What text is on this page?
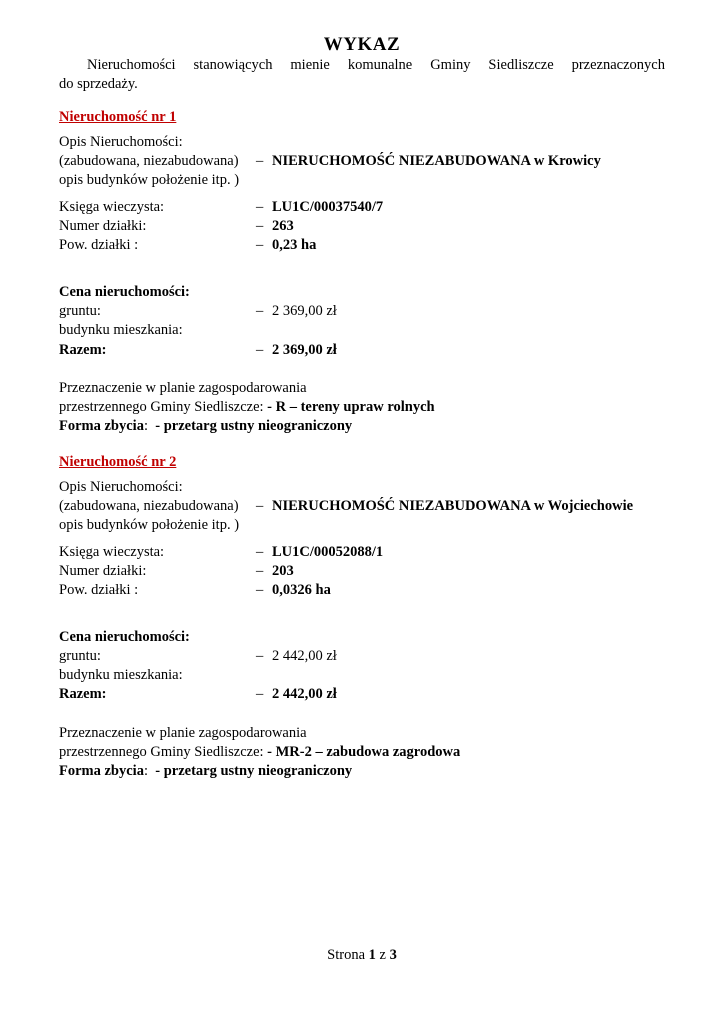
WYKAZ
Nieruchomości stanowiących mienie komunalne Gminy Siedliszcze przeznaczonych
do sprzedaży.
Nieruchomość nr 1
Opis Nieruchomości:
(zabudowana, niezabudowana)
opis budynków położenie itp. )
– NIERUCHOMOŚĆ NIEZABUDOWANA w Krowicy
Księga wieczysta:	– LU1C/00037540/7
Numer działki:	– 263
Pow. działki :	– 0,23 ha
Cena nieruchomości:
gruntu:	– 2 369,00 zł
budynku mieszkania:
Razem:	– 2 369,00 zł
Przeznaczenie w planie zagospodarowania
przestrzennego Gminy Siedliszcze: - R – tereny upraw rolnych
Forma zbycia: - przetarg ustny nieograniczony
Nieruchomość nr 2
Opis Nieruchomości:
(zabudowana, niezabudowana)
opis budynków położenie itp. )
– NIERUCHOMOŚĆ NIEZABUDOWANA w Wojciechowie
Księga wieczysta:	– LU1C/00052088/1
Numer działki:	– 203
Pow. działki :	– 0,0326 ha
Cena nieruchomości:
gruntu:	– 2 442,00 zł
budynku mieszkania:
Razem:	– 2 442,00 zł
Przeznaczenie w planie zagospodarowania
przestrzennego Gminy Siedliszcze: - MR-2 – zabudowa zagrodowa
Forma zbycia: - przetarg ustny nieograniczony
Strona 1 z 3
